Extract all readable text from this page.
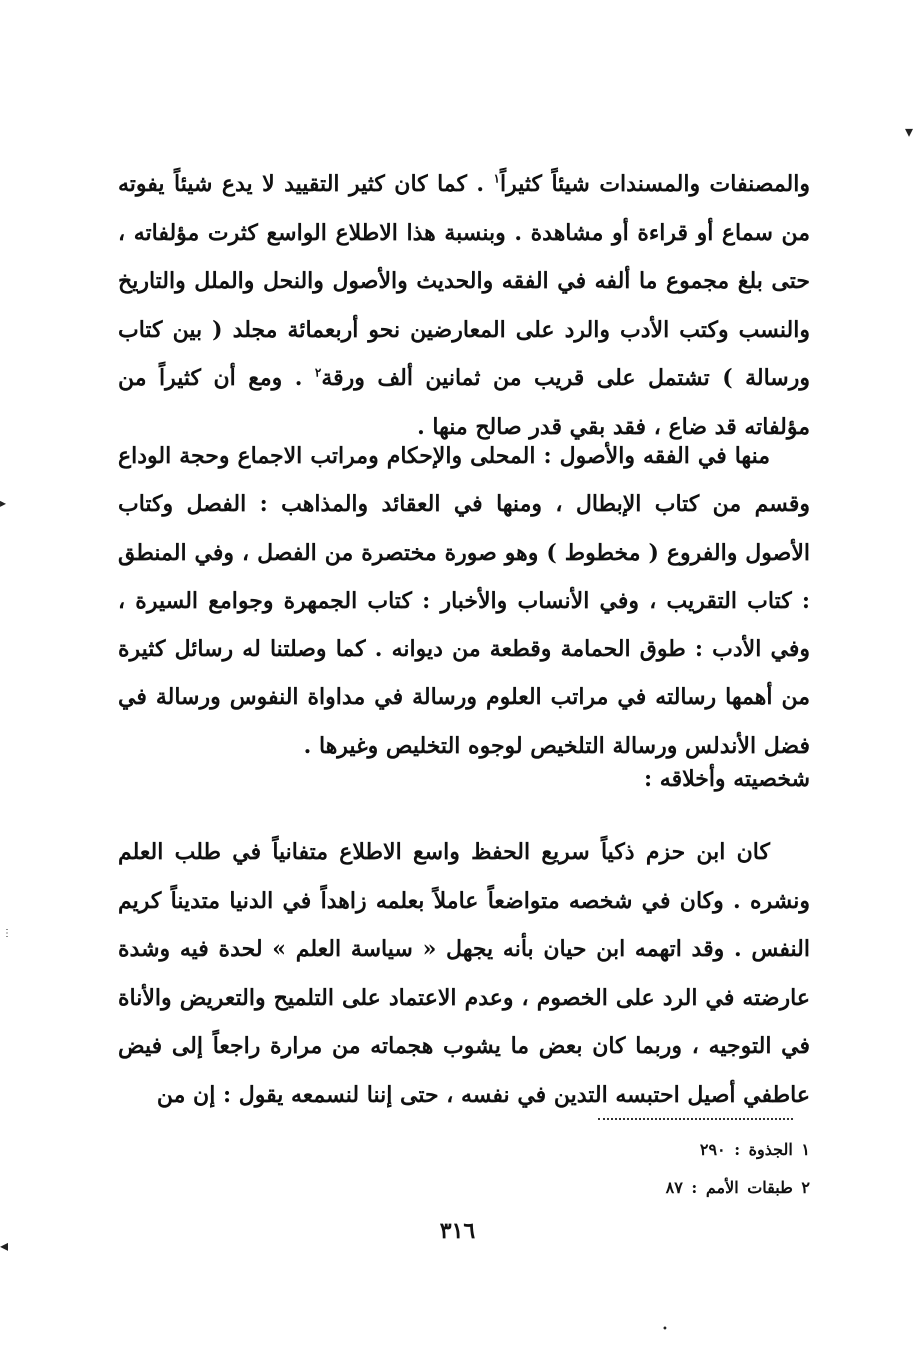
▾
▸
⋮
◂
•

والمصنفات والمسندات شيئاً كثيراً$^١$ . كما كان كثير التقييد لا يدع شيئاً يفوته من سماع أو قراءة أو مشاهدة . وبنسبة هذا الاطلاع الواسع كثرت مؤلفاته ، حتى بلغ مجموع ما ألفه في الفقه والحديث والأصول والنحل والملل والتاريخ والنسب وكتب الأدب والرد على المعارضين نحو أربعمائة مجلد ( بين كتاب ورسالة ) تشتمل على قريب من ثمانين ألف ورقة$^٢$ . ومع أن كثيراً من مؤلفاته قد ضاع ، فقد بقي قدر صالح منها .

منها في الفقه والأصول : المحلى والإحكام ومراتب الاجماع وحجة الوداع وقسم من كتاب الإبطال ، ومنها في العقائد والمذاهب : الفصل وكتاب الأصول والفروع ( مخطوط ) وهو صورة مختصرة من الفصل ، وفي المنطق : كتاب التقريب ، وفي الأنساب والأخبار : كتاب الجمهرة وجوامع السيرة ، وفي الأدب : طوق الحمامة وقطعة من ديوانه . كما وصلتنا له رسائل كثيرة من أهمها رسالته في مراتب العلوم ورسالة في مداواة النفوس ورسالة في فضل الأندلس ورسالة التلخيص لوجوه التخليص وغيرها .

شخصيته وأخلاقه :

كان ابن حزم ذكياً سريع الحفظ واسع الاطلاع متفانياً في طلب العلم ونشره . وكان في شخصه متواضعاً عاملاً بعلمه زاهداً في الدنيا متديناً كريم النفس . وقد اتهمه ابن حيان بأنه يجهل « سياسة العلم » لحدة فيه وشدة عارضته في الرد على الخصوم ، وعدم الاعتماد على التلميح والتعريض والأناة في التوجيه ، وربما كان بعض ما يشوب هجماته من مرارة راجعاً إلى فيض عاطفي أصيل احتبسه التدين في نفسه ، حتى إننا لنسمعه يقول : إن من

١ الجذوة : ٢٩٠
٢ طبقات الأمم : ٨٧
٣١٦
